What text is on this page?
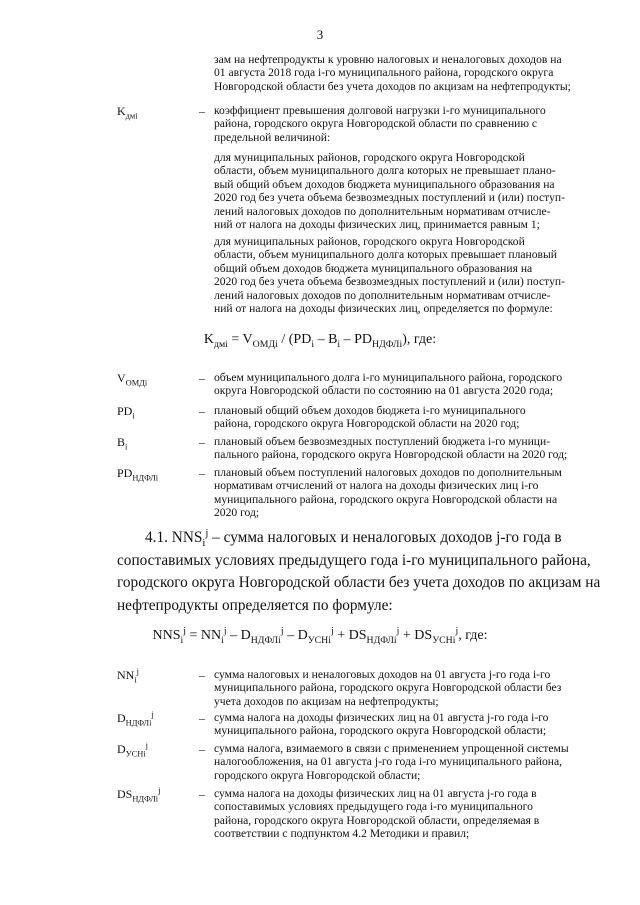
3
зам на нефтепродукты к уровню налоговых и неналоговых доходов на
01 августа 2018 года i-го муниципального района, городского округа
Новгородской области без учета доходов по акцизам на нефтепродукты;
$K_{дмi}$	– коэффициент превышения долговой нагрузки i-го муниципального
района, городского округа Новгородской области по сравнению с
предельной величиной:
для муниципальных районов, городского округа Новгородской
области, объем муниципального долга которых не превышает плано-
вый общий объем доходов бюджета муниципального образования на
2020 год без учета объема безвозмездных поступлений и (или) поступ-
лений налоговых доходов по дополнительным нормативам отчисле-
ний от налога на доходы физических лиц, принимается равным 1;
для муниципальных районов, городского округа Новгородской
области, объем муниципального долга которых превышает плановый
общий объем доходов бюджета муниципального образования на
2020 год без учета объема безвозмездных поступлений и (или) поступ-
лений налоговых доходов по дополнительным нормативам отчисле-
ний от налога на доходы физических лиц, определяется по формуле:
$K_{дмi} = V_{ОМДi} / (PD_i - B_i - PD_{НДФЛi})$, где:
$V_{ОМДi}$	– объем муниципального долга i-го муниципального района, городского
округа Новгородской области по состоянию на 01 августа 2020 года;
$PD_i$	– плановый общий объем доходов бюджета i-го муниципального
района, городского округа Новгородской области на 2020 год;
$B_i$	– плановый объем безвозмездных поступлений бюджета i-го муници-
пального района, городского округа Новгородской области на 2020 год;
$PD_{НДФЛi}$	– плановый объем поступлений налоговых доходов по дополнительным
нормативам отчислений от налога на доходы физических лиц i-го
муниципального района, городского округа Новгородской области на
2020 год;
4.1. $NNS_i^j$ – сумма налоговых и неналоговых доходов j-го года в
сопоставимых условиях предыдущего года i-го муниципального района,
городского округа Новгородской области без учета доходов по акцизам на
нефтепродукты определяется по формуле:
$NNS_i^j = NN_i^j - D_{НДФЛi}^j - D_{УСНi}^j + DS_{НДФЛi}^j + DS_{УСНi}^j$, где:
$NN_i^j$	– сумма налоговых и неналоговых доходов на 01 августа j-го года i-го
муниципального района, городского округа Новгородской области без
учета доходов по акцизам на нефтепродукты;
$D_{НДФЛi}^j$	– сумма налога на доходы физических лиц на 01 августа j-го года i-го
муниципального района, городского округа Новгородской области;
$D_{УСНi}^j$	– сумма налога, взимаемого в связи с применением упрощенной системы
налогообложения, на 01 августа j-го года i-го муниципального района,
городского округа Новгородской области;
$DS_{НДФЛi}^j$	– сумма налога на доходы физических лиц на 01 августа j-го года в
сопоставимых условиях предыдущего года i-го муниципального
района, городского округа Новгородской области, определяемая в
соответствии с подпунктом 4.2 Методики и правил;
